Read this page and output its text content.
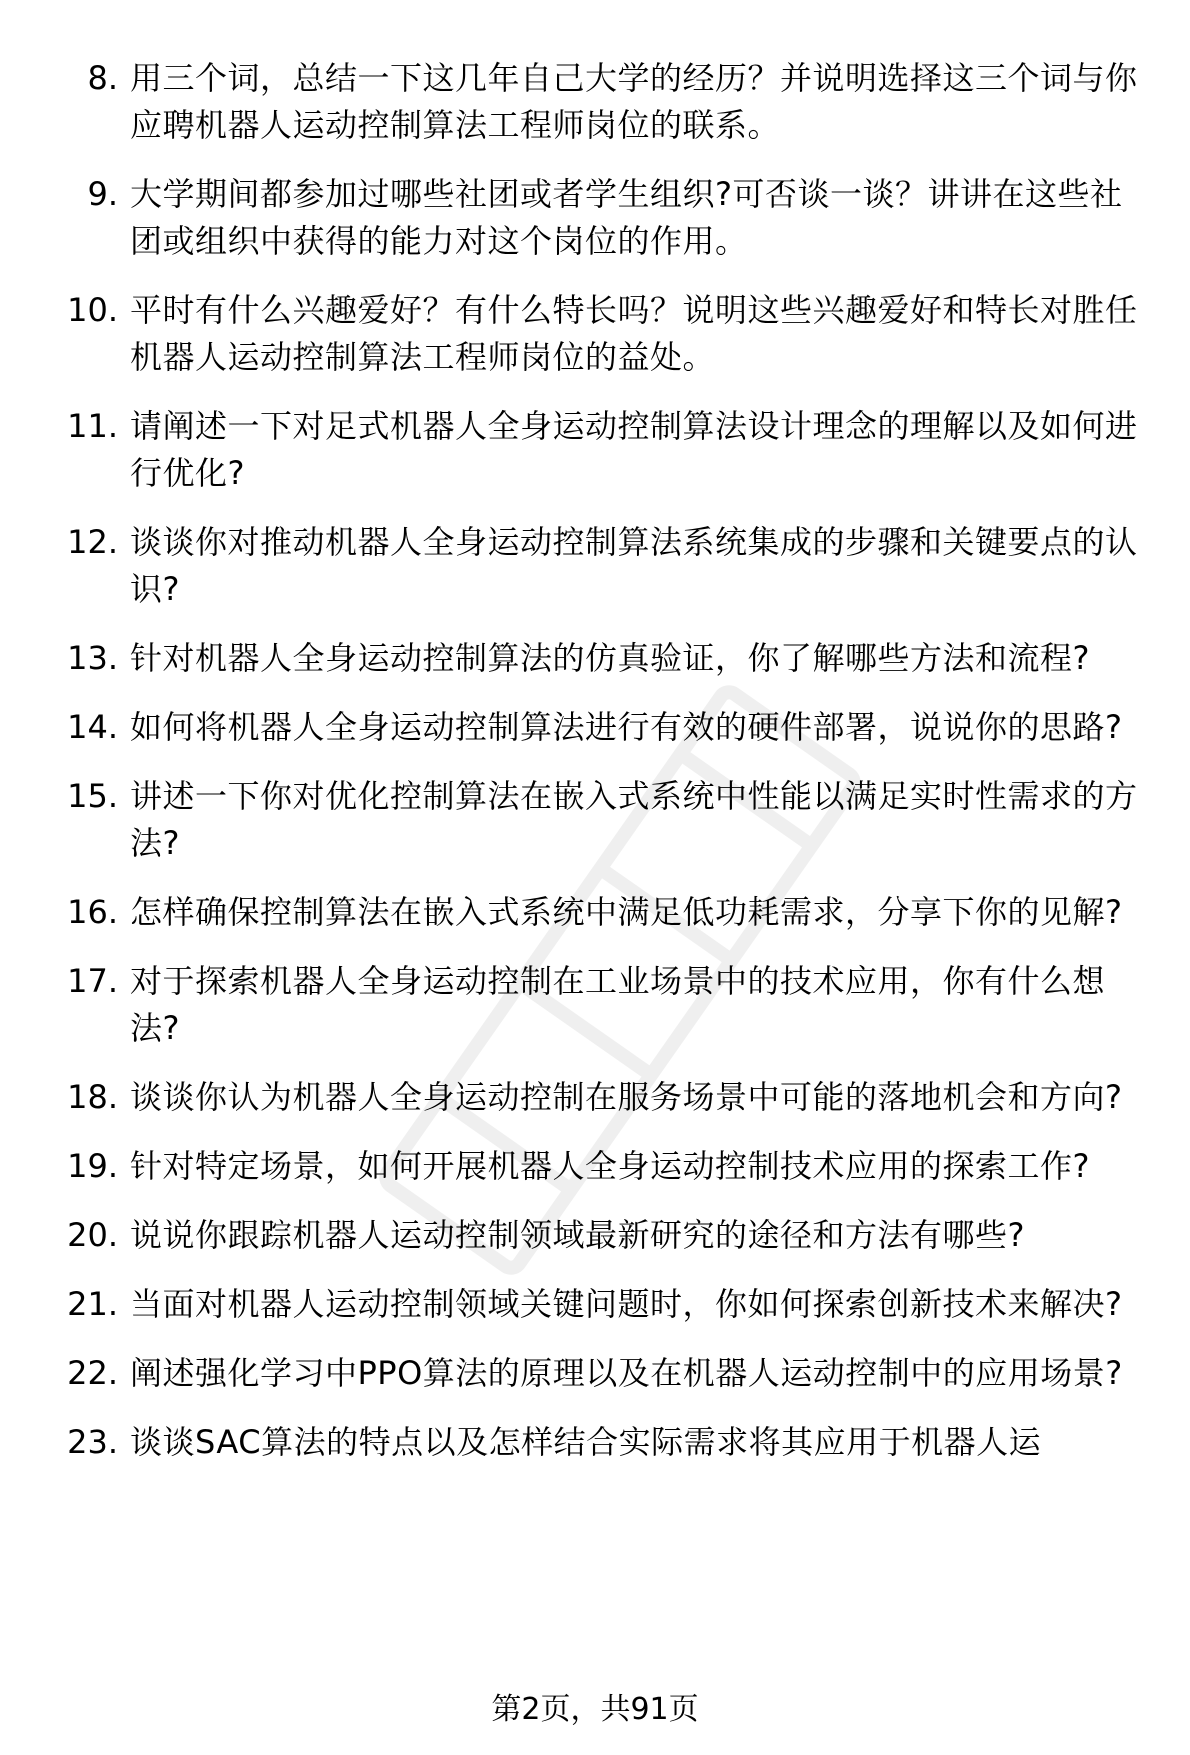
8. 用三个词，总结一下这几年自己大学的经历？并说明选择这三个词与你应聘机器人运动控制算法工程师岗位的联系。
9. 大学期间都参加过哪些社团或者学生组织?可否谈一谈？讲讲在这些社团或组织中获得的能力对这个岗位的作用。
10. 平时有什么兴趣爱好？有什么特长吗？说明这些兴趣爱好和特长对胜任机器人运动控制算法工程师岗位的益处。
11. 请阐述一下对足式机器人全身运动控制算法设计理念的理解以及如何进行优化?
12. 谈谈你对推动机器人全身运动控制算法系统集成的步骤和关键要点的认识?
13. 针对机器人全身运动控制算法的仿真验证，你了解哪些方法和流程?
14. 如何将机器人全身运动控制算法进行有效的硬件部署，说说你的思路?
15. 讲述一下你对优化控制算法在嵌入式系统中性能以满足实时性需求的方法?
16. 怎样确保控制算法在嵌入式系统中满足低功耗需求，分享下你的见解?
17. 对于探索机器人全身运动控制在工业场景中的技术应用，你有什么想法?
18. 谈谈你认为机器人全身运动控制在服务场景中可能的落地机会和方向?
19. 针对特定场景，如何开展机器人全身运动控制技术应用的探索工作?
20. 说说你跟踪机器人运动控制领域最新研究的途径和方法有哪些?
21. 当面对机器人运动控制领域关键问题时，你如何探索创新技术来解决?
22. 阐述强化学习中PPO算法的原理以及在机器人运动控制中的应用场景?
23. 谈谈SAC算法的特点以及怎样结合实际需求将其应用于机器人运
第2页，共91页
